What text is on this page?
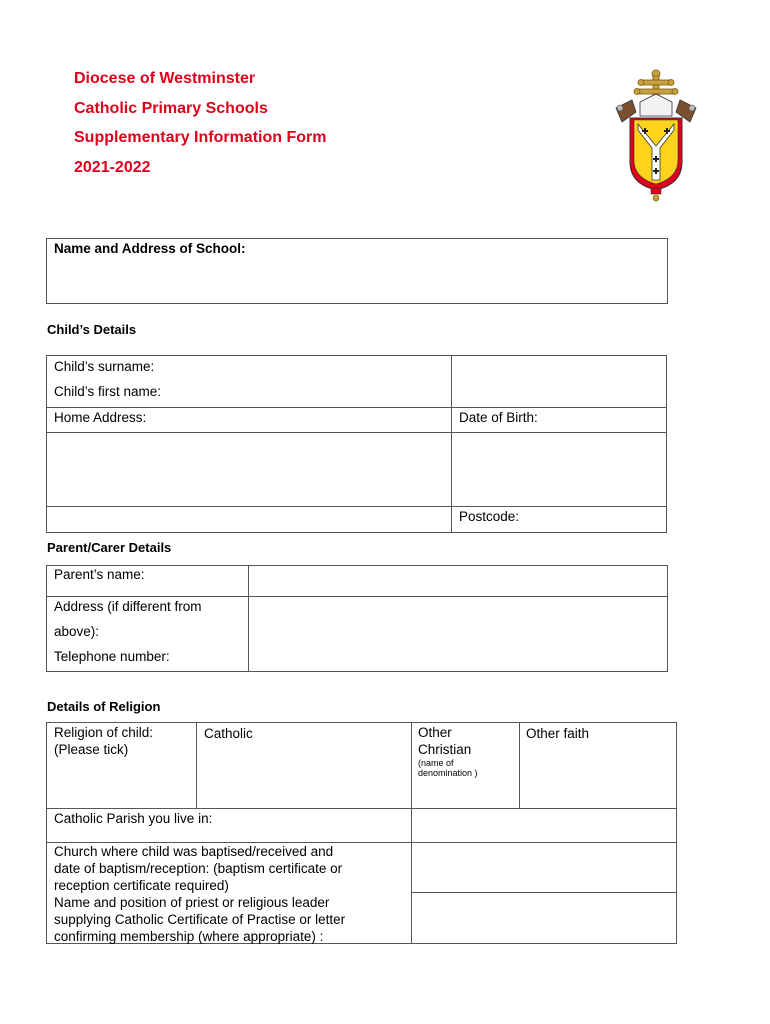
Diocese of Westminster
Catholic Primary Schools
Supplementary Information Form
2021-2022
Name and Address of School:
Child’s Details
Child’s surname:
Child’s first name:
Home Address:	Date of Birth:
Postcode:
Parent/Carer Details
Parent’s name:
Address (if different from
above):
Telephone number:
Details of Religion
Religion of child:
(Please tick)
Catholic	Other
Christian
(name of
denomination )
Other faith
Catholic Parish you live in:
Church where child was baptised/received and
date of baptism/reception: (baptism certificate or
reception certificate required)
Name and position of priest or religious leader
supplying Catholic Certificate of Practise or letter
confirming membership (where appropriate) :
